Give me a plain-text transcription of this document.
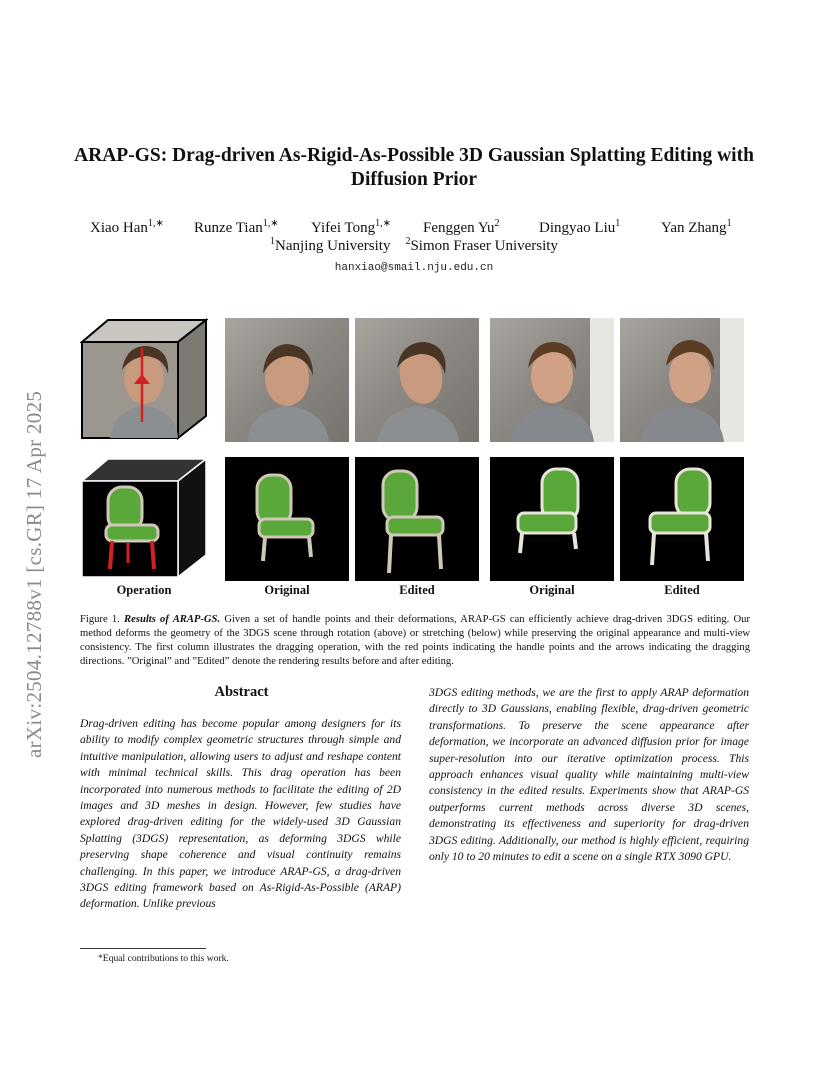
arXiv:2504.12788v1 [cs.GR] 17 Apr 2025
ARAP-GS: Drag-driven As-Rigid-As-Possible 3D Gaussian Splatting Editing with Diffusion Prior
Xiao Han$^{1,∗}$ Runze Tian$^{1,∗}$ Yifei Tong$^{1,∗}$ Fenggen Yu$^2$	Dingyao Liu$^1$	Yan Zhang$^1$
$^1$Nanjing University $^2$Simon Fraser University
hanxiao@smail.nju.edu.cn
Operation	Original	Edited	Original	Edited
Figure 1. Results of ARAP-GS. Given a set of handle points and their deformations, ARAP-GS can efficiently achieve drag-driven 3DGS editing. Our method deforms the geometry of the 3DGS scene through rotation (above) or stretching (below) while preserving the original appearance and multi-view consistency. The first column illustrates the dragging operation, with the red points indicating the handle points and the arrows indicating the dragging directions. ”Original” and ”Edited” denote the rendering results before and after editing.
Abstract
Drag-driven editing has become popular among designers for its ability to modify complex geometric structures through simple and intuitive manipulation, allowing users to adjust and reshape content with minimal technical skills. This drag operation has been incorporated into numerous methods to facilitate the editing of 2D images and 3D meshes in design. However, few studies have explored drag-driven editing for the widely-used 3D Gaussian Splatting (3DGS) representation, as deforming 3DGS while preserving shape coherence and visual continuity remains challenging. In this paper, we introduce ARAP-GS, a drag-driven 3DGS editing framework based on As-Rigid-As-Possible (ARAP) deformation. Unlike previous
3DGS editing methods, we are the first to apply ARAP deformation directly to 3D Gaussians, enabling flexible, drag-driven geometric transformations. To preserve the scene appearance after deformation, we incorporate an advanced diffusion prior for image super-resolution into our iterative optimization process. This approach enhances visual quality while maintaining multi-view consistency in the edited results. Experiments show that ARAP-GS outperforms current methods across diverse 3D scenes, demonstrating its effectiveness and superiority for drag-driven 3DGS editing. Additionally, our method is highly efficient, requiring only 10 to 20 minutes to edit a scene on a single RTX 3090 GPU.
*Equal contributions to this work.
